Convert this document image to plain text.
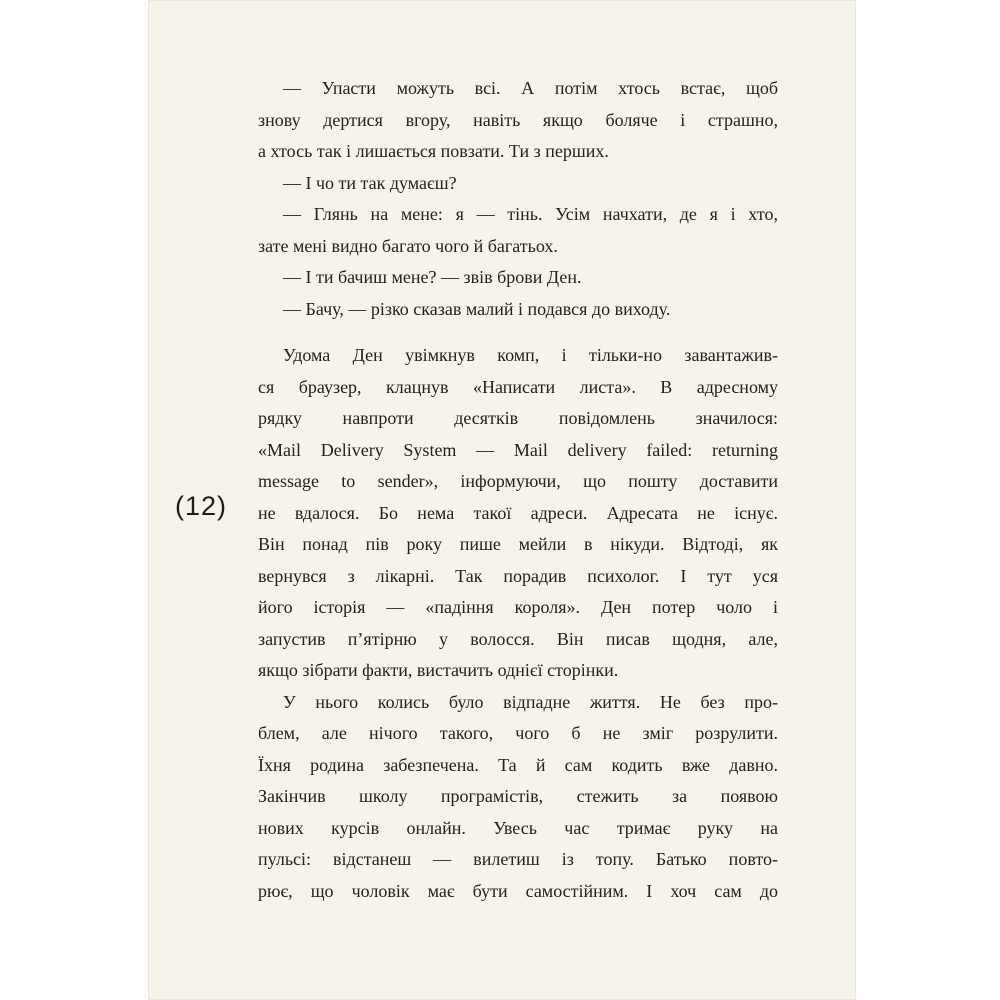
(12)
— Упасти можуть всі. А потім хтось встає, щоб
знову дертися вгору, навіть якщо боляче і страшно,
а хтось так і лишається повзати. Ти з перших.
— І чо ти так думаєш?
— Глянь на мене: я — тінь. Усім начхати, де я і хто,
зате мені видно багато чого й багатьох.
— І ти бачиш мене? — звів брови Ден.
— Бачу, — різко сказав малий і подався до виходу.
Удома Ден увімкнув комп, і тільки-но завантажив-
ся браузер, клацнув «Написати листа». В адресному
рядку навпроти десятків повідомлень значилося:
«Mail Delivery System — Mail delivery failed: returning
message to sender», інформуючи, що пошту доставити
не вдалося. Бо нема такої адреси. Адресата не існує.
Він понад пів року пише мейли в нікуди. Відтоді, як
вернувся з лікарні. Так порадив психолог. І тут уся
його історія — «падіння короля». Ден потер чоло і
запустив п’ятірню у волосся. Він писав щодня, але,
якщо зібрати факти, вистачить однієї сторінки.
У нього колись було відпадне життя. Не без про-
блем, але нічого такого, чого б не зміг розрулити.
Їхня родина забезпечена. Та й сам кодить вже давно.
Закінчив школу програмістів, стежить за появою
нових курсів онлайн. Увесь час тримає руку на
пульсі: відстанеш — вилетиш із топу. Батько повто-
рює, що чоловік має бути самостійним. І хоч сам до
